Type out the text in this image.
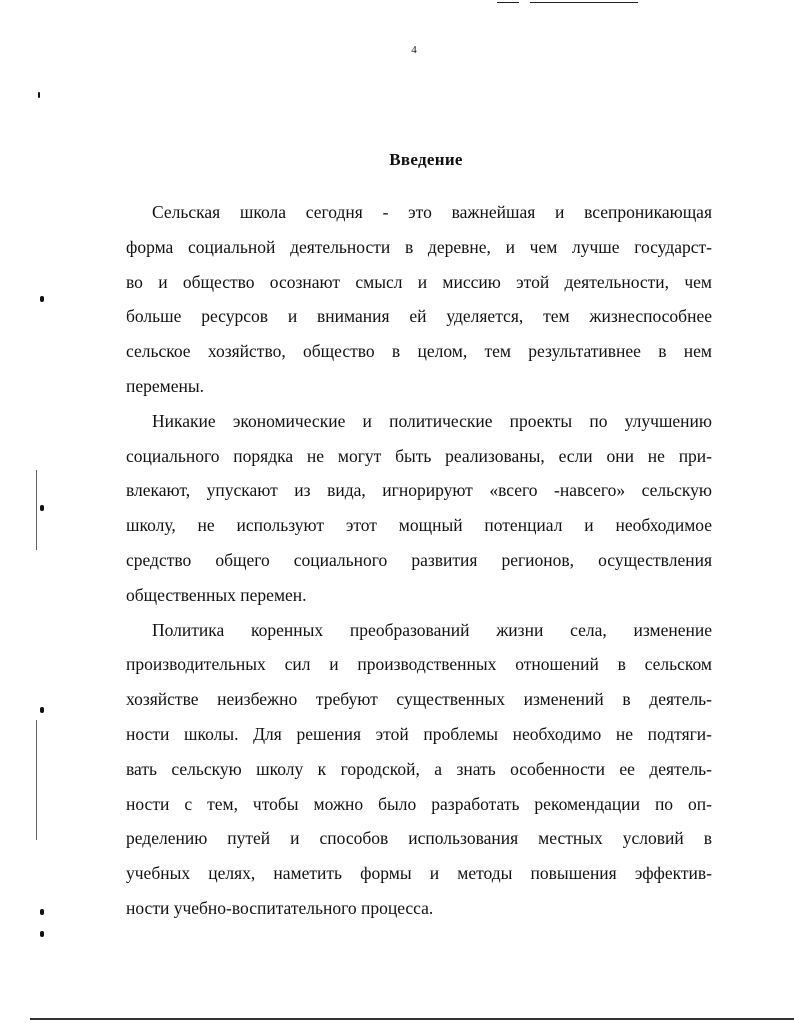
4
Введение
Сельская школа сегодня - это важнейшая и всепроникающая
форма социальной деятельности в деревне, и чем лучше государст-
во и общество осознают смысл и миссию этой деятельности, чем
больше ресурсов и внимания ей уделяется, тем жизнеспособнее
сельское хозяйство, общество в целом, тем результативнее в нем
перемены.
Никакие экономические и политические проекты по улучшению
социального порядка не могут быть реализованы, если они не при-
влекают, упускают из вида, игнорируют «всего -навсего» сельскую
школу, не используют этот мощный потенциал и необходимое
средство общего социального развития регионов, осуществления
общественных перемен.
Политика коренных преобразований жизни села, изменение
производительных сил и производственных отношений в сельском
хозяйстве неизбежно требуют существенных изменений в деятель-
ности школы. Для решения этой проблемы необходимо не подтяги-
вать сельскую школу к городской, а знать особенности ее деятель-
ности с тем, чтобы можно было разработать рекомендации по оп-
ределению путей и способов использования местных условий в
учебных целях, наметить формы и методы повышения эффектив-
ности учебно-воспитательного процесса.
